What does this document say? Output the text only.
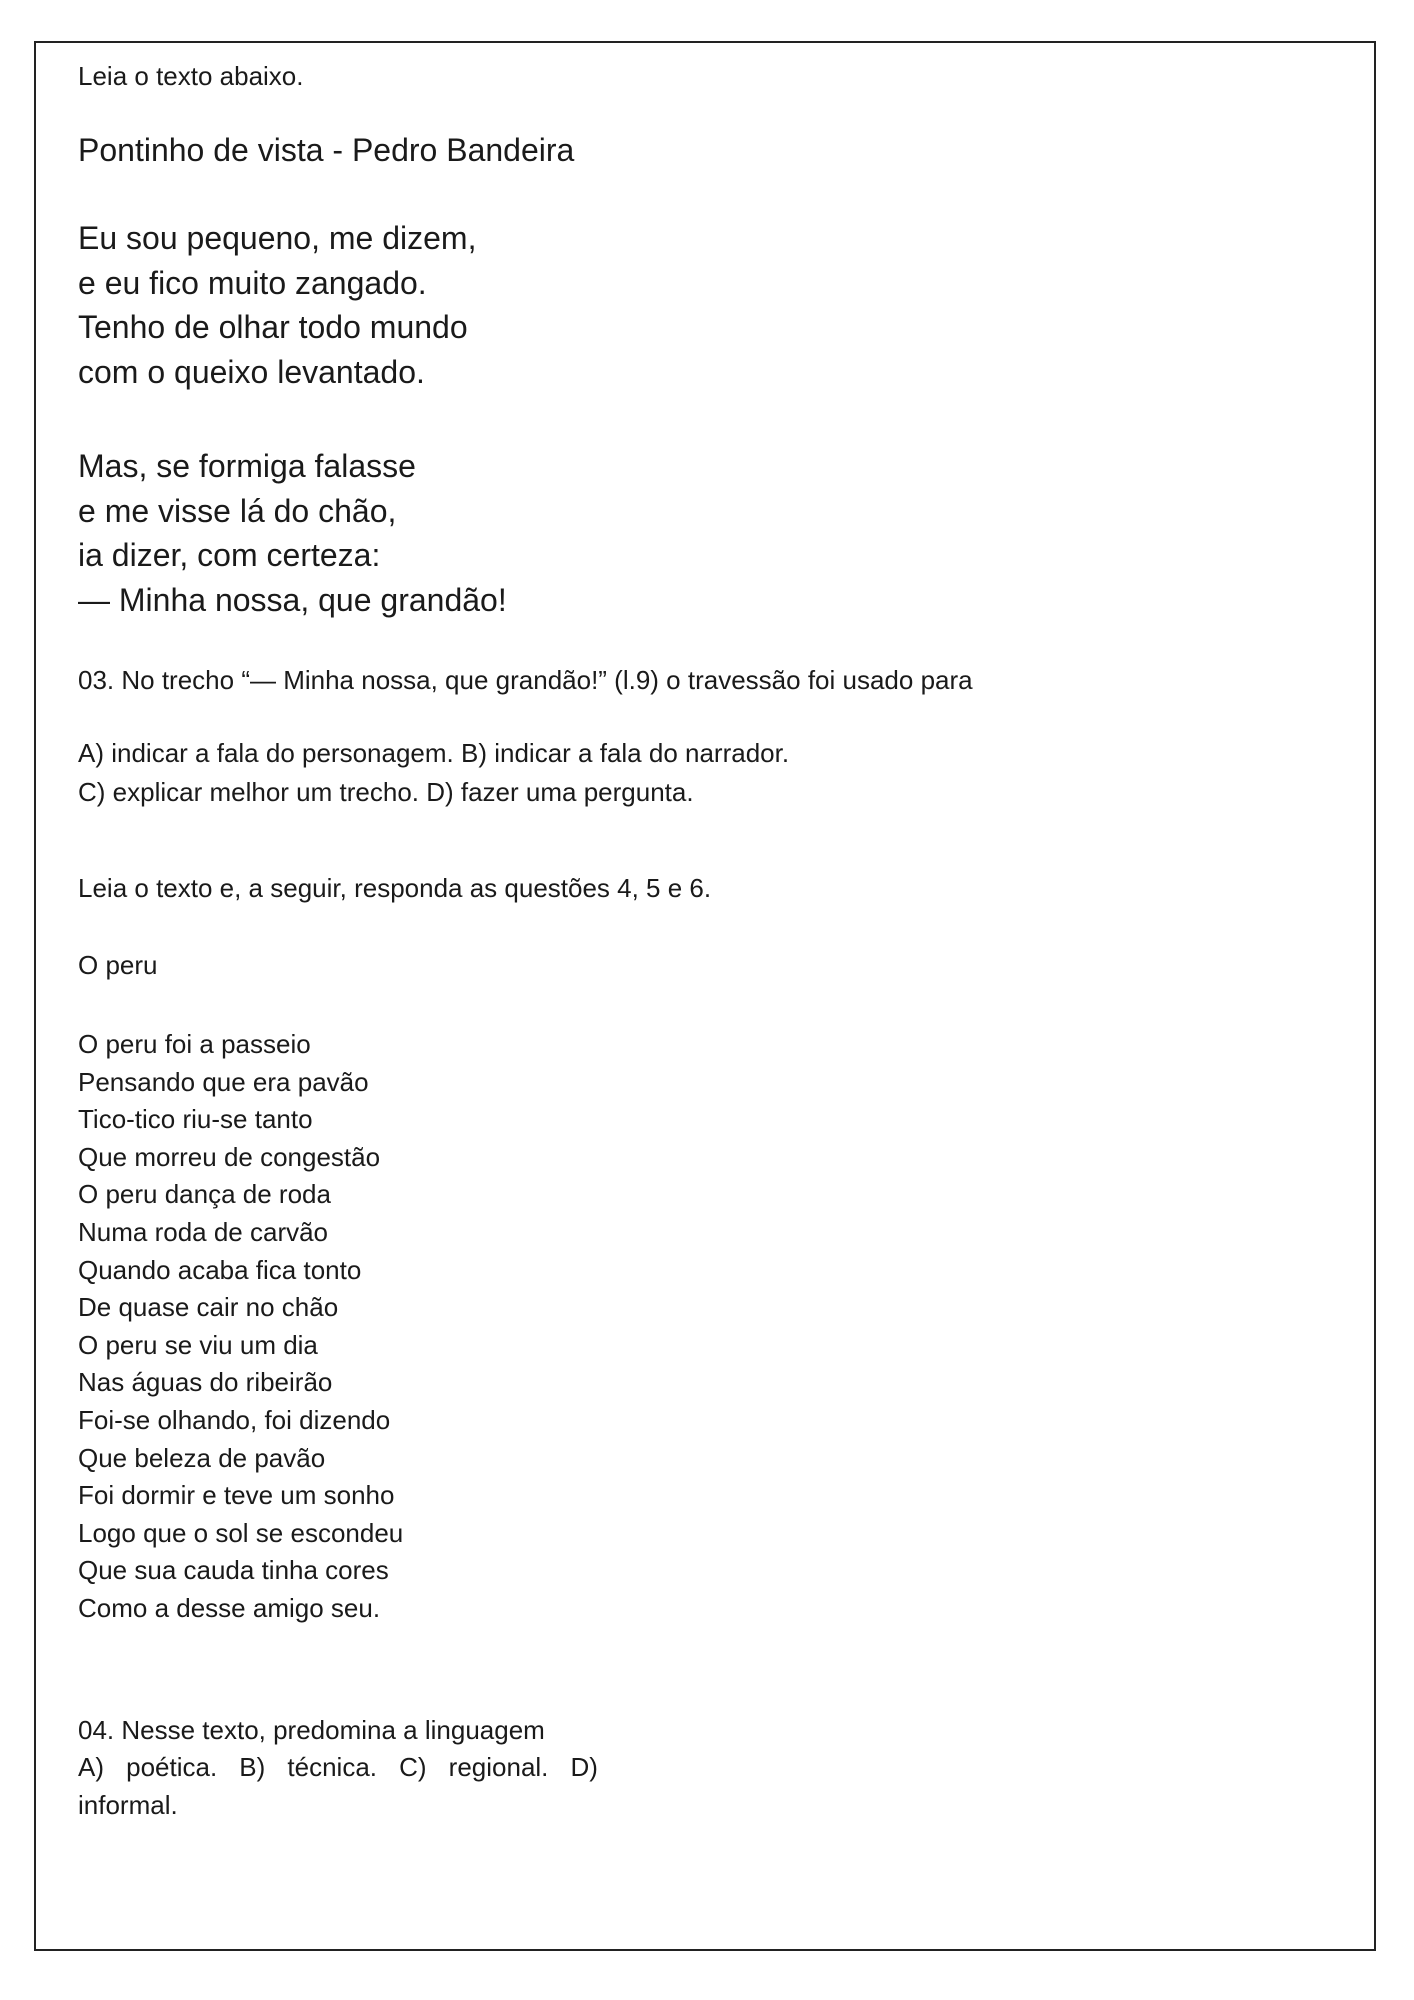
Leia o texto abaixo.

Pontinho de vista - Pedro Bandeira

Eu sou pequeno, me dizem,

e eu fico muito zangado.

Tenho de olhar todo mundo

com o queixo levantado.

Mas, se formiga falasse

e me visse lá do chão,

ia dizer, com certeza:

— Minha nossa, que grandão!

03. No trecho “— Minha nossa, que grandão!” (l.9) o travessão foi usado para

A) indicar a fala do personagem. B) indicar a fala do narrador.

C) explicar melhor um trecho. D) fazer uma pergunta.

Leia o texto e, a seguir, responda as questões 4, 5 e 6.

O peru

O peru foi a passeio

Pensando que era pavão

Tico-tico riu-se tanto

Que morreu de congestão

O peru dança de roda

Numa roda de carvão

Quando acaba fica tonto

De quase cair no chão

O peru se viu um dia

Nas águas do ribeirão

Foi-se olhando, foi dizendo

Que beleza de pavão

Foi dormir e teve um sonho

Logo que o sol se escondeu

Que sua cauda tinha cores

Como a desse amigo seu.

04. Nesse texto, predomina a linguagem

A) poética. B) técnica. C) regional. D)

informal.
